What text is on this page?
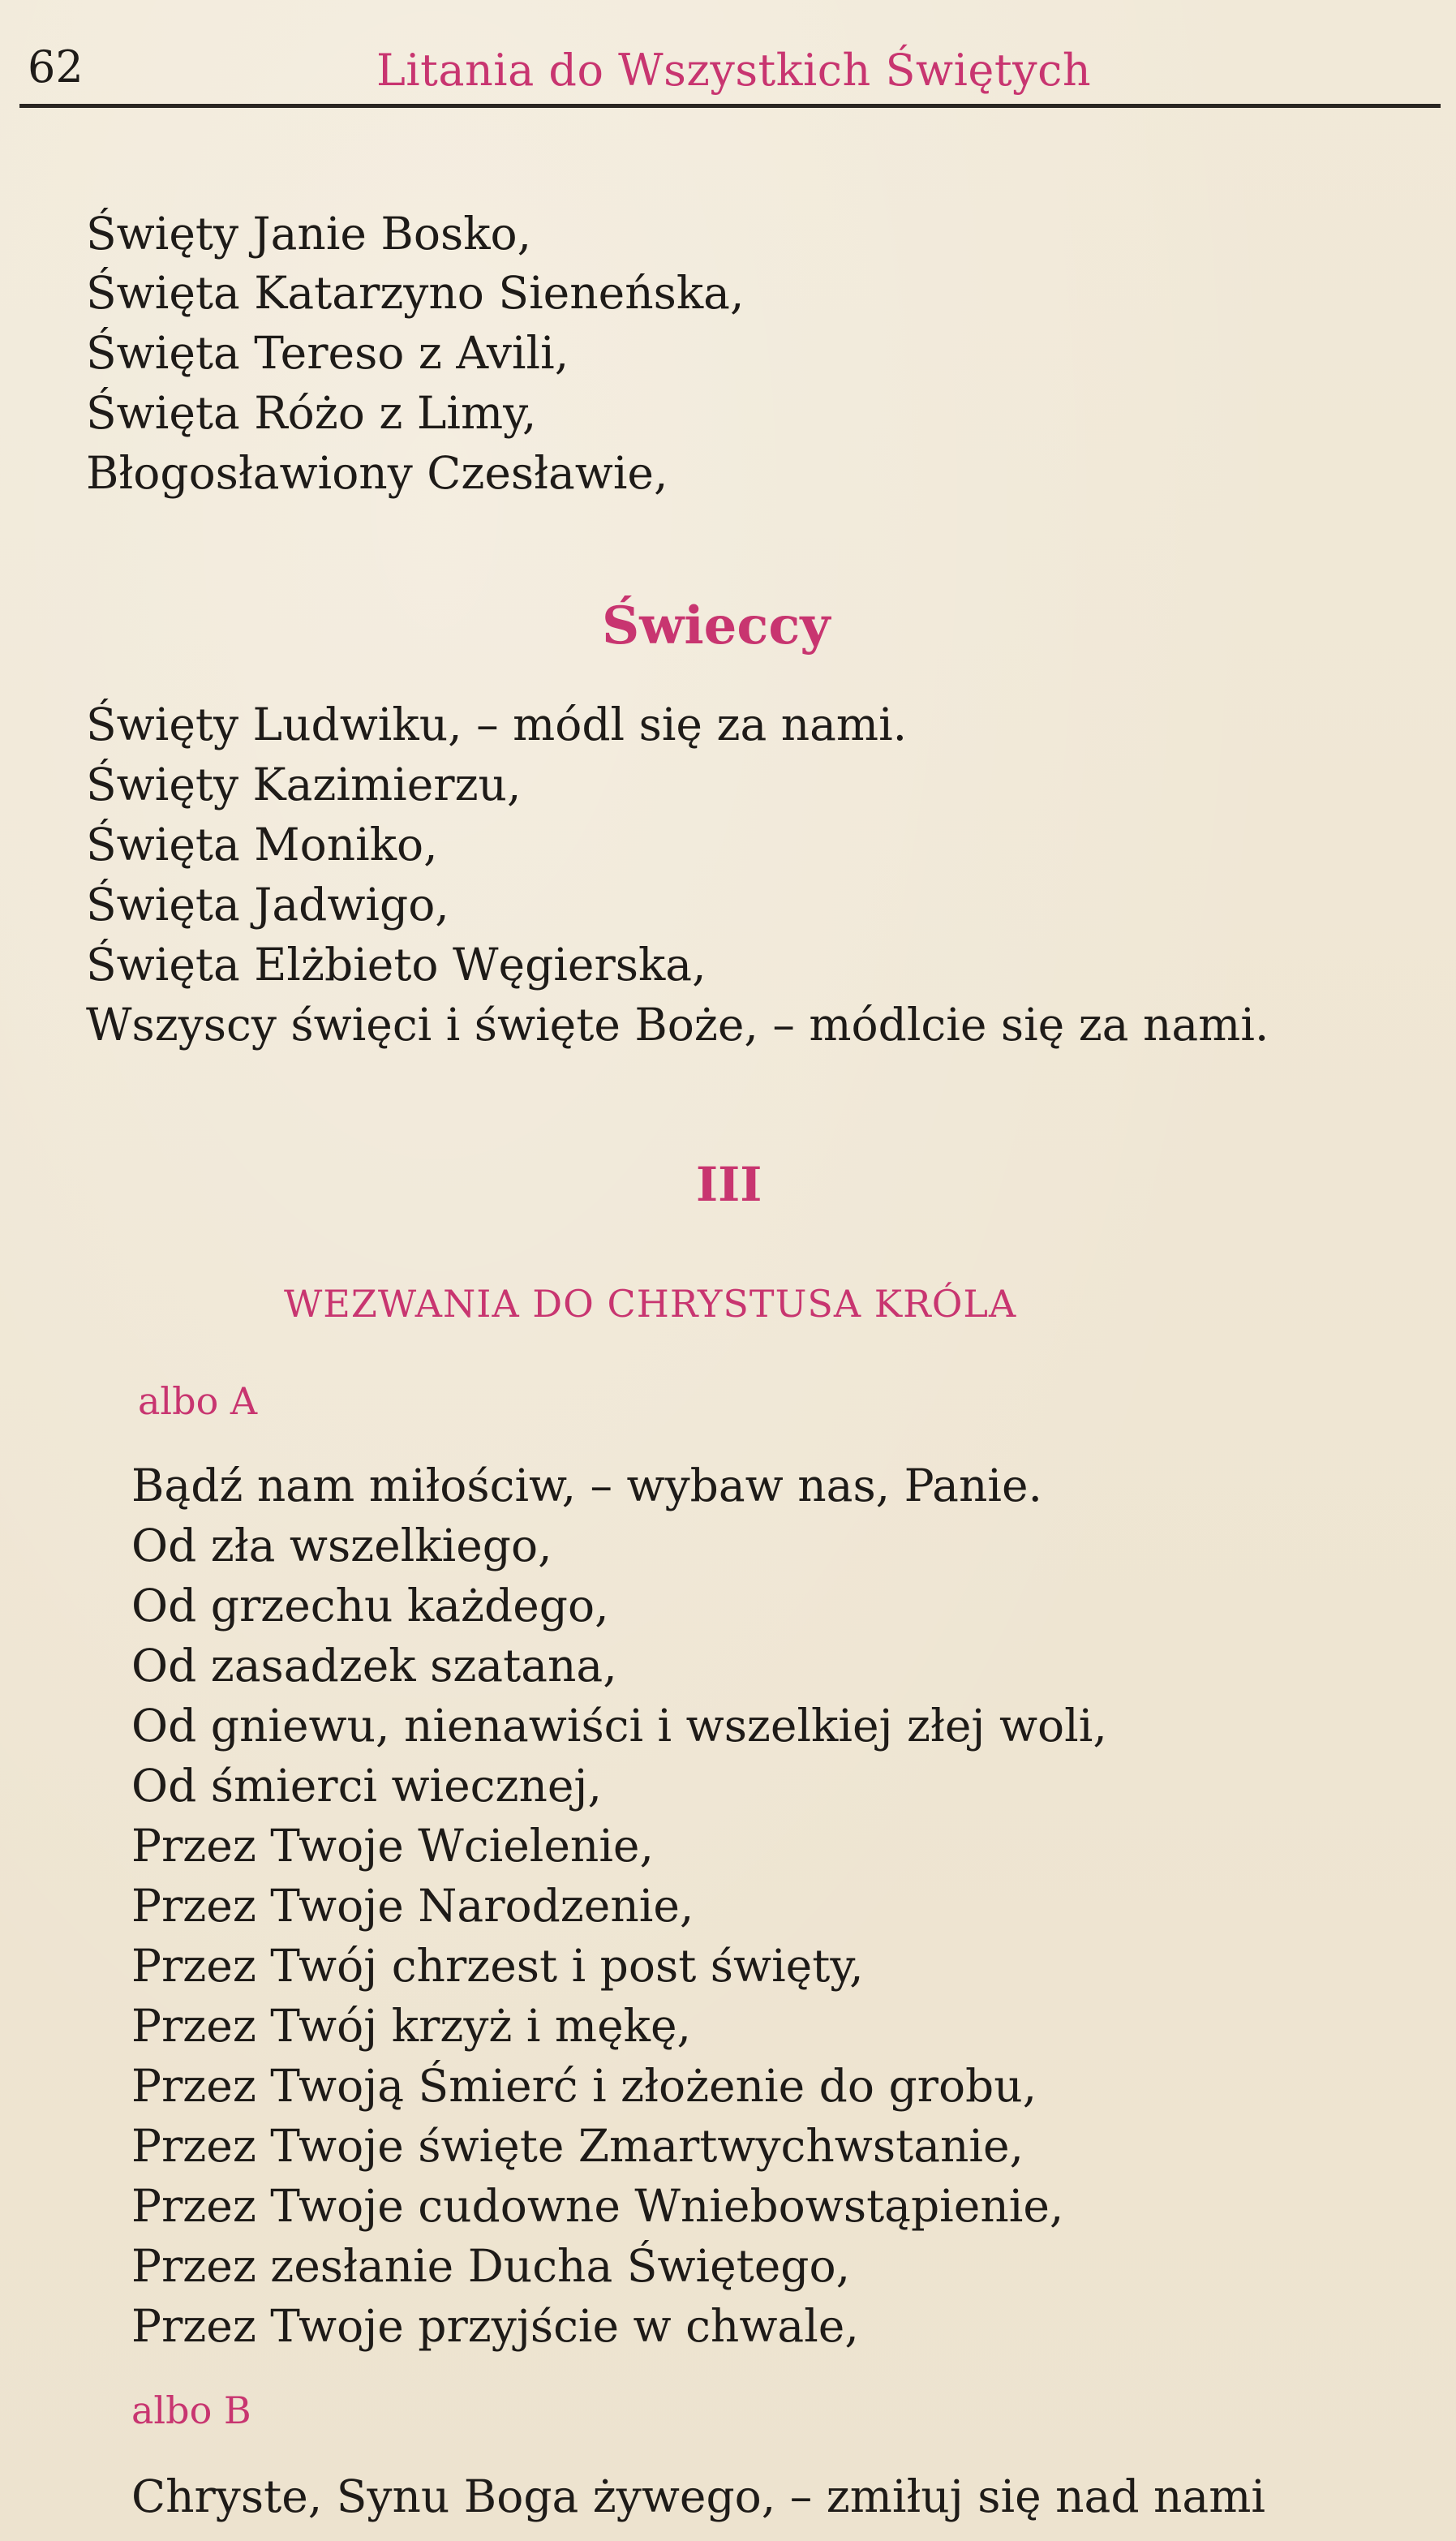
62	Litania do Wszystkich Świętych
Święty Janie Bosko,
Święta Katarzyno Sieneńska,
Święta Tereso z Avili,
Święta Różo z Limy,
Błogosławiony Czesławie,
Świeccy
Święty Ludwiku, – módl się za nami.
Święty Kazimierzu,
Święta Moniko,
Święta Jadwigo,
Święta Elżbieto Węgierska,
Wszyscy święci i święte Boże, – módlcie się za nami.
III
WEZWANIA DO CHRYSTUSA KRÓLA
albo A
Bądź nam miłościw, – wybaw nas, Panie.
Od zła wszelkiego,
Od grzechu każdego,
Od zasadzek szatana,
Od gniewu, nienawiści i wszelkiej złej woli,
Od śmierci wiecznej,
Przez Twoje Wcielenie,
Przez Twoje Narodzenie,
Przez Twój chrzest i post święty,
Przez Twój krzyż i mękę,
Przez Twoją Śmierć i złożenie do grobu,
Przez Twoje święte Zmartwychwstanie,
Przez Twoje cudowne Wniebowstąpienie,
Przez zesłanie Ducha Świętego,
Przez Twoje przyjście w chwale,
albo B
Chryste, Synu Boga żywego, – zmiłuj się nad nami
